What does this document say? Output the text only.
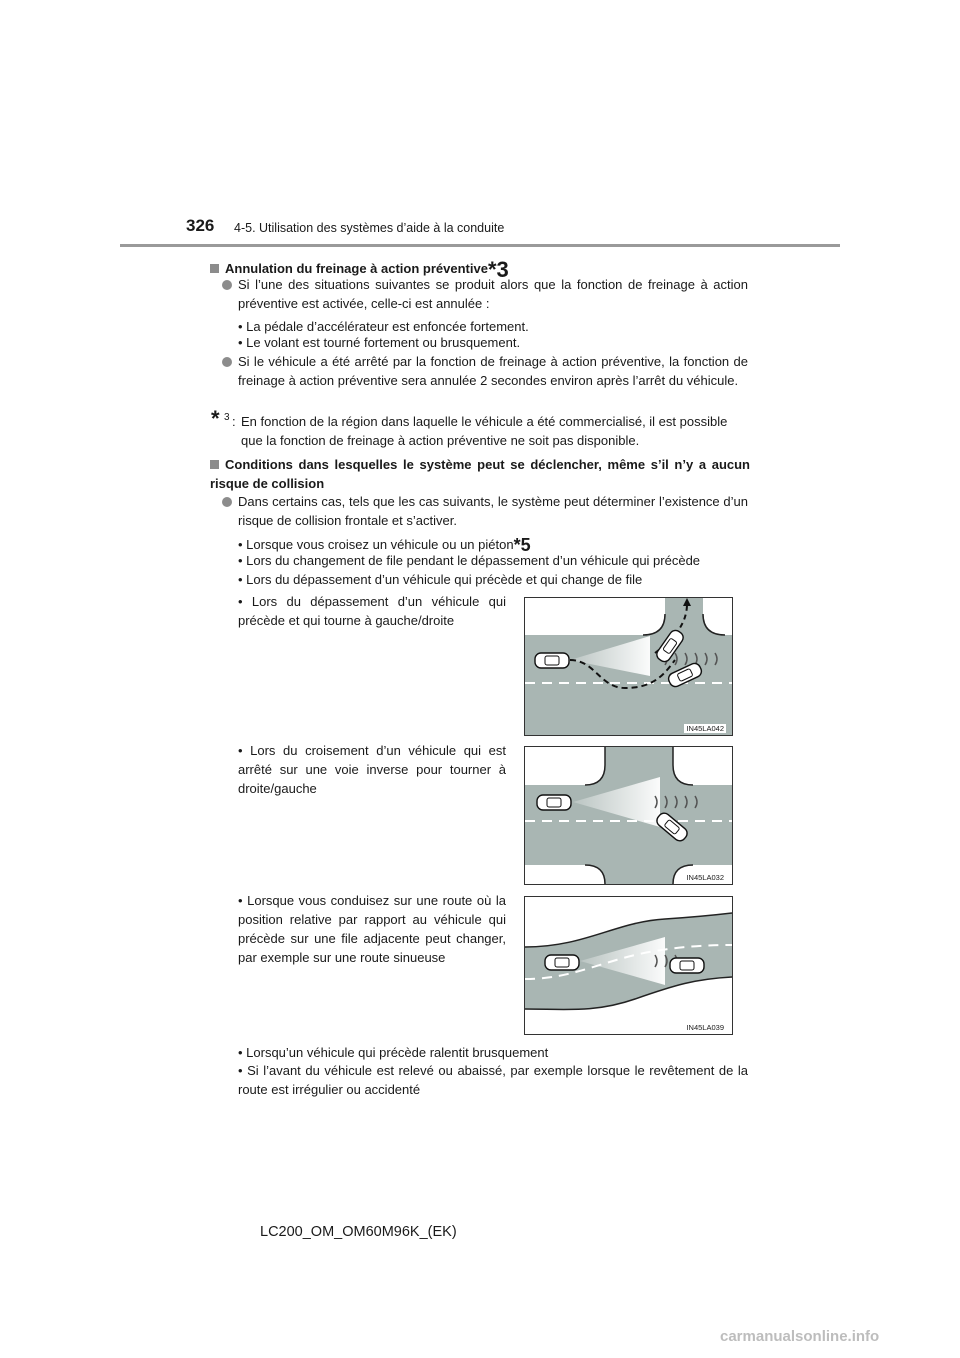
326 4-5. Utilisation des systèmes d’aide à la conduite
Annulation du freinage à action préventive*3
Si l’une des situations suivantes se produit alors que la fonction de freinage à action préventive est activée, celle-ci est annulée :
• La pédale d’accélérateur est enfoncée fortement.
• Le volant est tourné fortement ou brusquement.
Si le véhicule a été arrêté par la fonction de freinage à action préventive, la fonction de freinage à action préventive sera annulée 2 secondes environ après l’arrêt du véhicule.
* 3 : En fonction de la région dans laquelle le véhicule a été commercialisé, il est possible que la fonction de freinage à action préventive ne soit pas disponible.
Conditions dans lesquelles le système peut se déclencher, même s’il n’y a aucun risque de collision
Dans certains cas, tels que les cas suivants, le système peut déterminer l’existence d’un risque de collision frontale et s’activer.
• Lorsque vous croisez un véhicule ou un piéton*5
• Lors du changement de file pendant le dépassement d’un véhicule qui précède
• Lors du dépassement d’un véhicule qui précède et qui change de file
• Lors du dépassement d’un véhicule qui précède et qui tourne à gauche/droite
• Lors du croisement d’un véhicule qui est arrêté sur une voie inverse pour tourner à droite/gauche
• Lorsque vous conduisez sur une route où la position relative par rapport au véhicule qui précède sur une file adjacente peut changer, par exemple sur une route sinueuse
• Lorsqu’un véhicule qui précède ralentit brusquement
• Si l’avant du véhicule est relevé ou abaissé, par exemple lorsque le revêtement de la route est irrégulier ou accidenté
IN45LA042
IN45LA032
IN45LA039
LC200_OM_OM60M96K_(EK)
carmanualsonline.info
